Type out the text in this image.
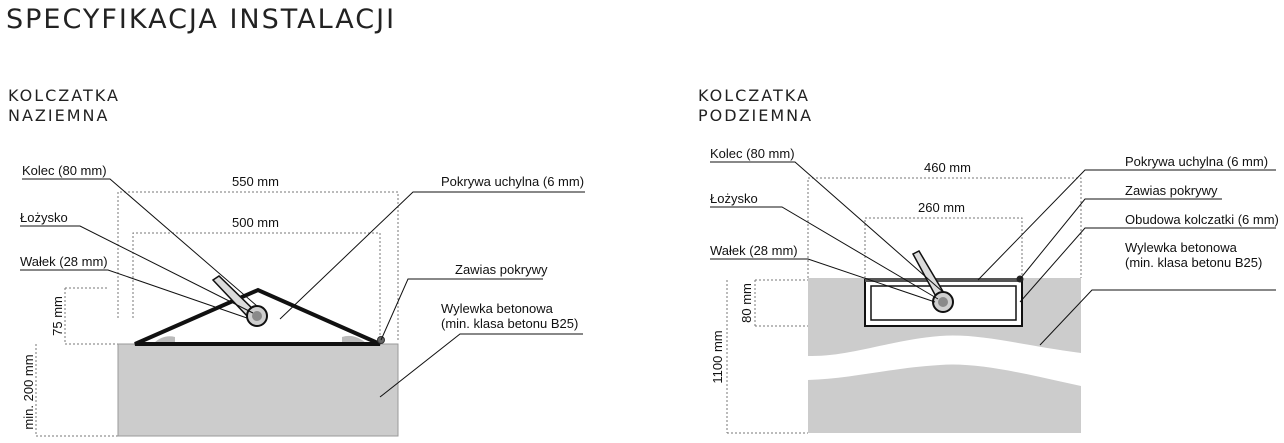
SPECYFIKACJA INSTALACJI
KOLCZATKA
NAZIEMNA
KOLCZATKA
PODZIEMNA
Kolec (80 mm)
Łożysko
Wałek (28 mm)
Pokrywa uchylna (6 mm)
Zawias pokrywy
Wylewka betonowa
(min. klasa betonu B25)
550 mm
500 mm
75 mm
min. 200 mm
Kolec (80 mm)
Łożysko
Wałek (28 mm)
Pokrywa uchylna (6 mm)
Zawias pokrywy
Obudowa kolczatki (6 mm)
Wylewka betonowa
(min. klasa betonu B25)
460 mm
260 mm
80 mm
1100 mm
